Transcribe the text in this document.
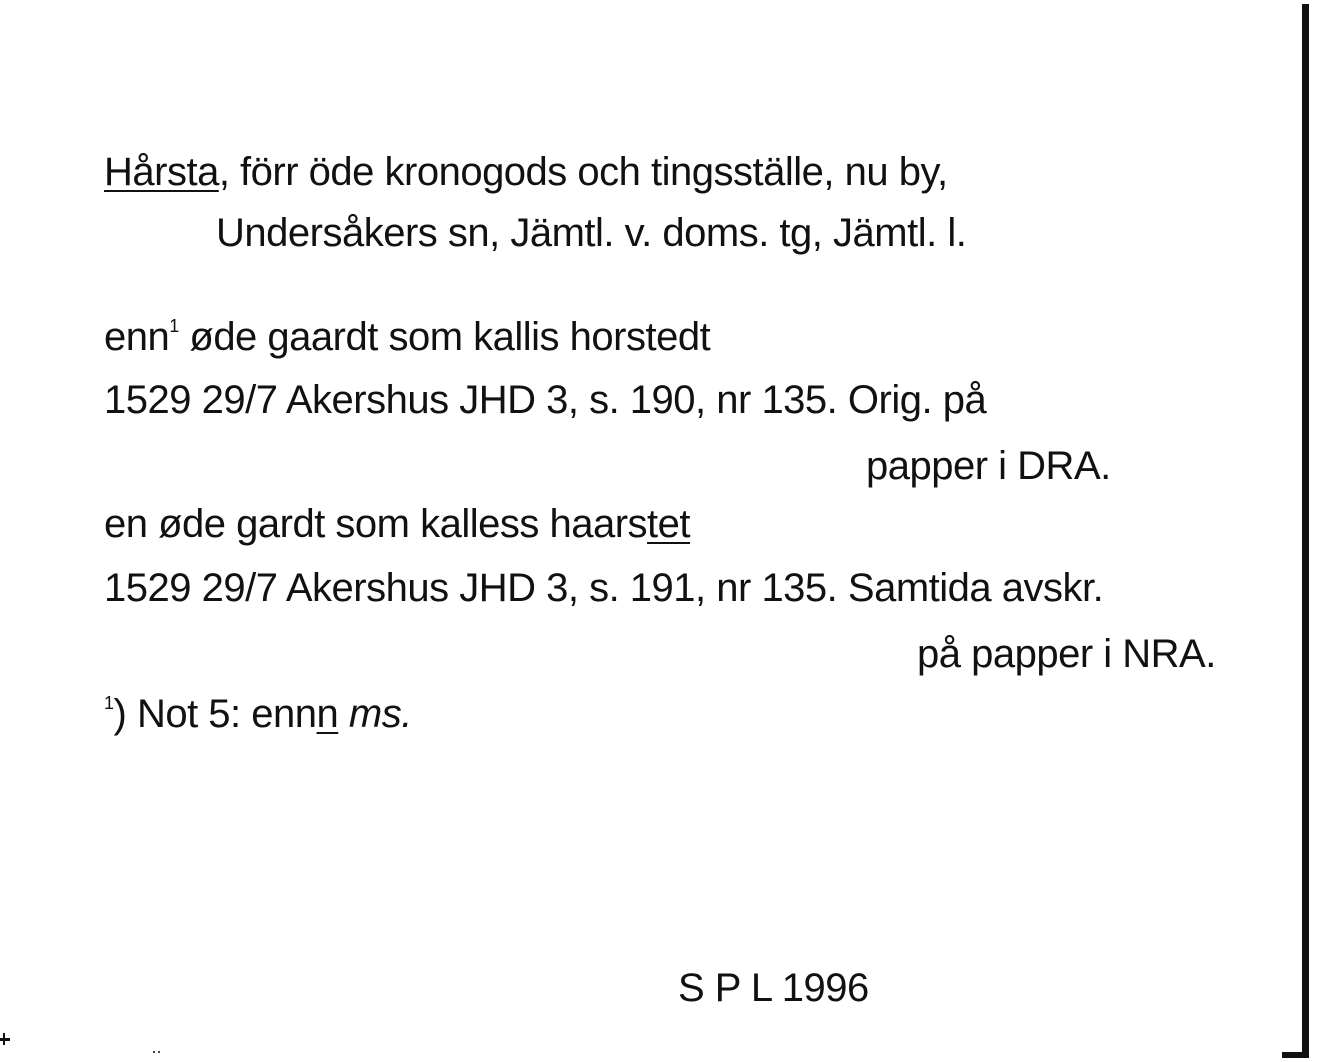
Hårsta, förr öde kronogods och tingsställe, nu by,
Undersåkers sn, Jämtl. v. doms. tg, Jämtl. l.
enn$^1$ øde gaardt som kallis horstedt
1529 29/7 Akershus JHD 3, s. 190, nr 135. Orig. på
papper i DRA.
en øde gardt som kalless haarstet
1529 29/7 Akershus JHD 3, s. 191, nr 135. Samtida avskr.
på papper i NRA.
$^1$) Not 5: ennn ms.
S P L 1996
